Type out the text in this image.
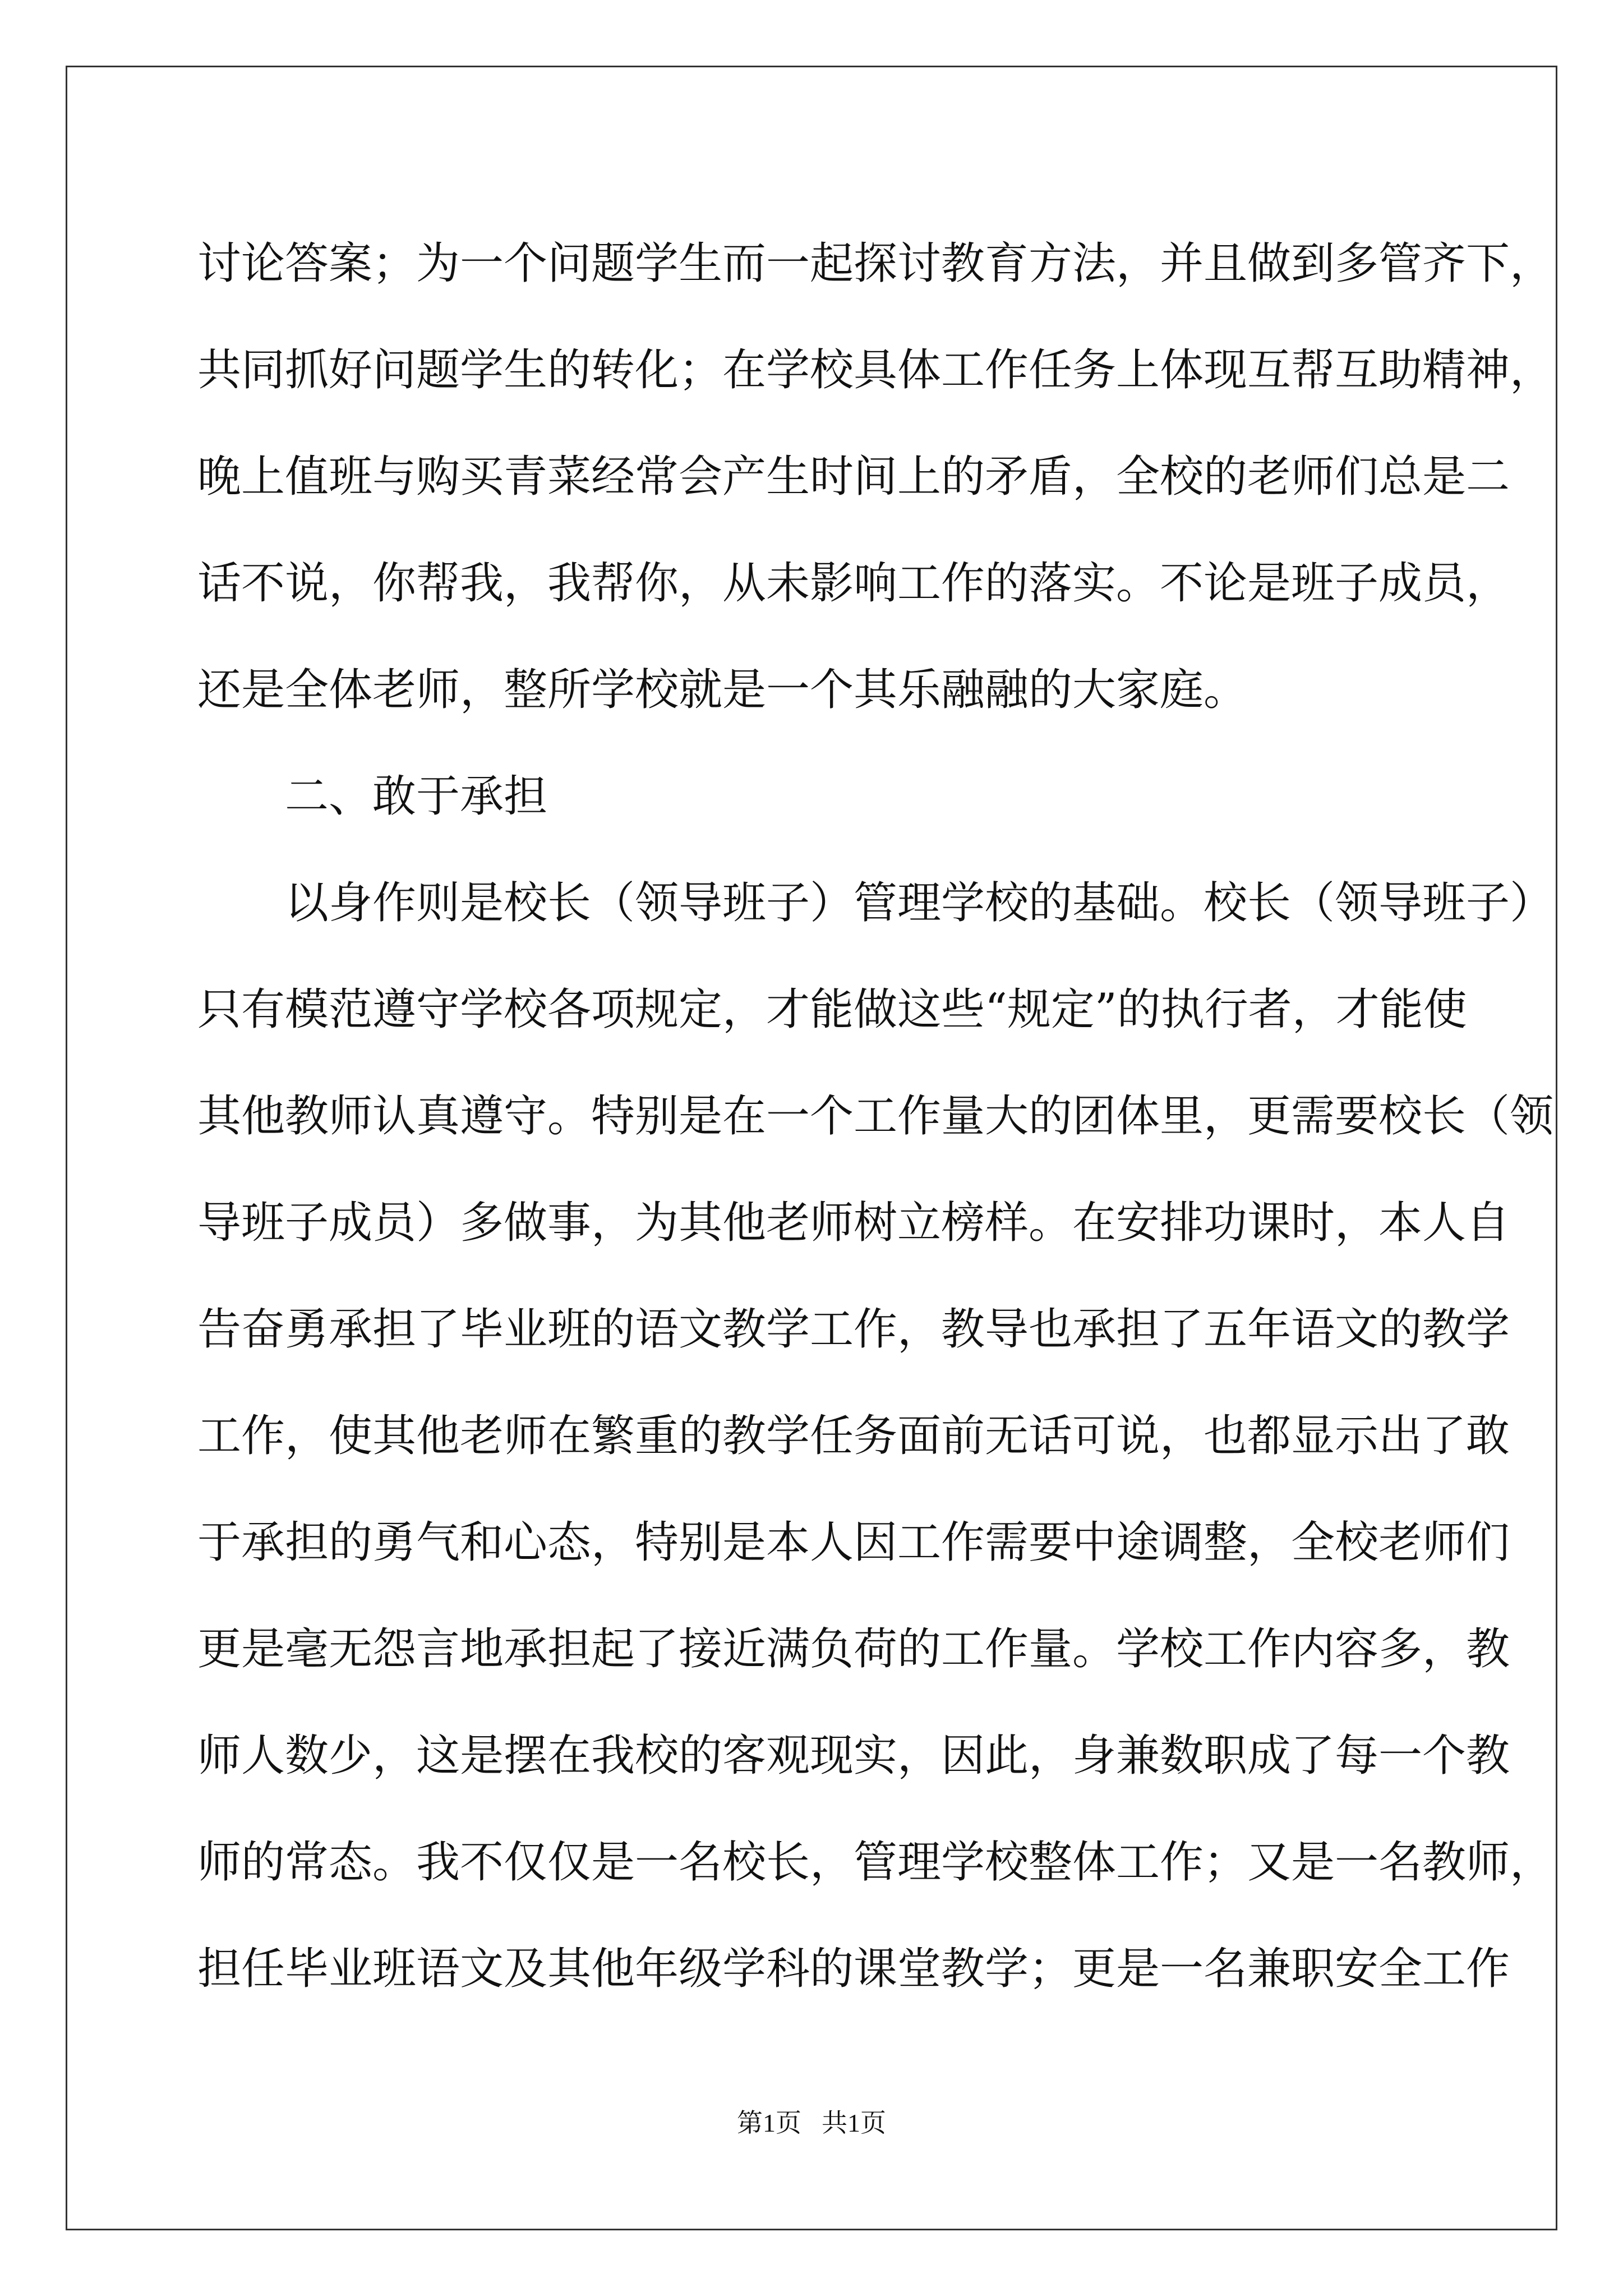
讨论答案；为一个问题学生而一起探讨教育方法，并且做到多管齐下，
共同抓好问题学生的转化；在学校具体工作任务上体现互帮互助精神，
晚上值班与购买青菜经常会产生时间上的矛盾，全校的老师们总是二
话不说，你帮我，我帮你，从未影响工作的落实。不论是班子成员，
还是全体老师，整所学校就是一个其乐融融的大家庭。
二、敢于承担
以身作则是校长（领导班子）管理学校的基础。校长（领导班子）
只有模范遵守学校各项规定，才能做这些“规定”的执行者，才能使
其他教师认真遵守。特别是在一个工作量大的团体里，更需要校长（领
导班子成员）多做事，为其他老师树立榜样。在安排功课时，本人自
告奋勇承担了毕业班的语文教学工作，教导也承担了五年语文的教学
工作，使其他老师在繁重的教学任务面前无话可说，也都显示出了敢
于承担的勇气和心态，特别是本人因工作需要中途调整，全校老师们
更是毫无怨言地承担起了接近满负荷的工作量。学校工作内容多，教
师人数少，这是摆在我校的客观现实，因此，身兼数职成了每一个教
师的常态。我不仅仅是一名校长，管理学校整体工作；又是一名教师，
担任毕业班语文及其他年级学科的课堂教学；更是一名兼职安全工作
第1页 共1页
